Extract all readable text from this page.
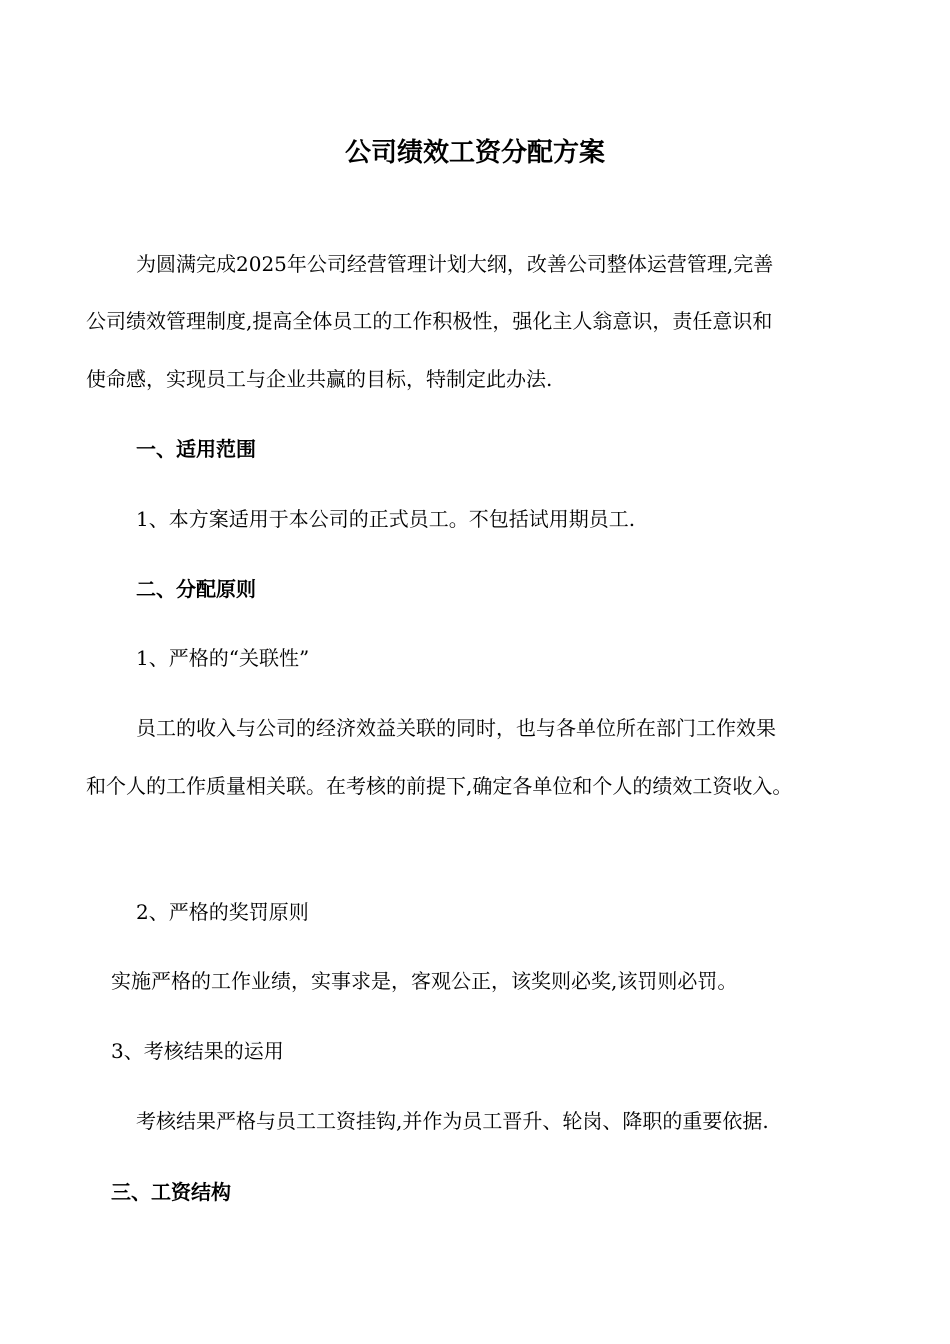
公司绩效工资分配方案
为圆满完成2025年公司经营管理计划大纲，改善公司整体运营管理,完善
公司绩效管理制度,提高全体员工的工作积极性，强化主人翁意识，责任意识和
使命感，实现员工与企业共赢的目标，特制定此办法.
一、适用范围
1、本方案适用于本公司的正式员工。不包括试用期员工.
二、分配原则
1、严格的“关联性”
员工的收入与公司的经济效益关联的同时，也与各单位所在部门工作效果
和个人的工作质量相关联。在考核的前提下,确定各单位和个人的绩效工资收入。
2、严格的奖罚原则
实施严格的工作业绩，实事求是，客观公正，该奖则必奖,该罚则必罚。
3、考核结果的运用
考核结果严格与员工工资挂钩,并作为员工晋升、轮岗、降职的重要依据.
三、工资结构
